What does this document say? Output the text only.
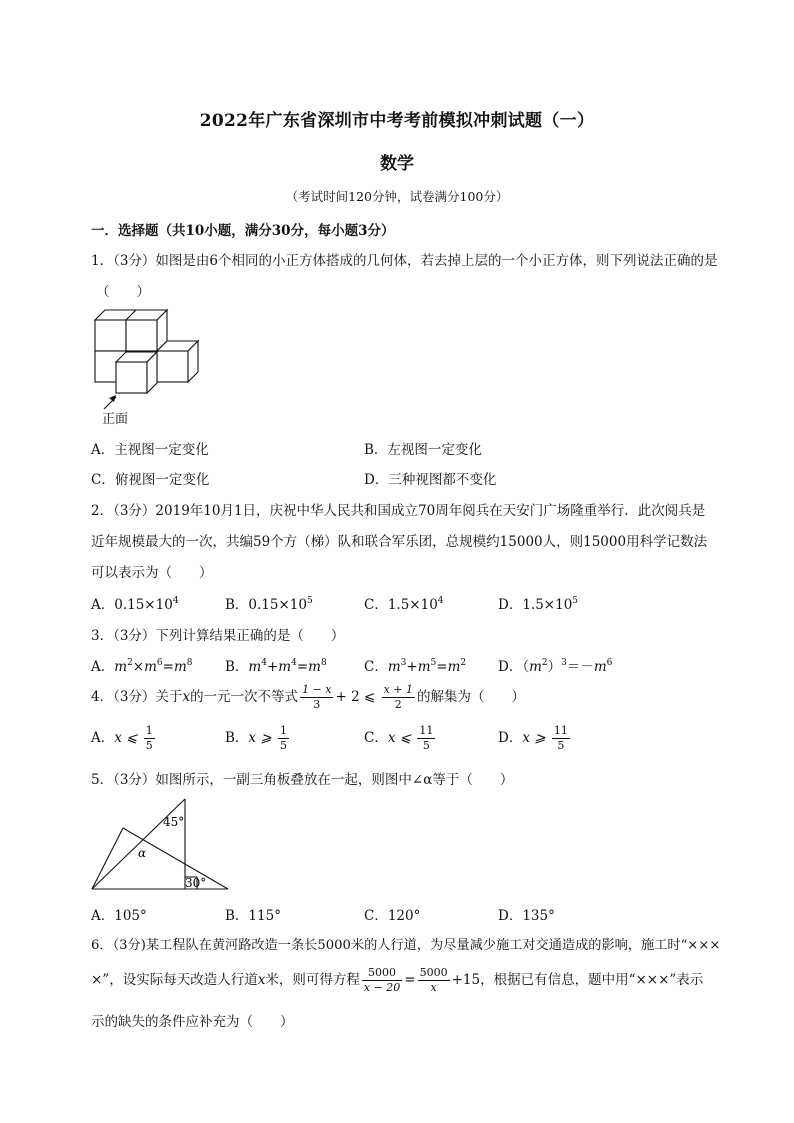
2022年广东省深圳市中考考前模拟冲刺试题（一）
数学
（考试时间120分钟，试卷满分100分）
一．选择题（共10小题，满分30分，每小题3分）
1．（3分）如图是由6个相同的小正方体搭成的几何体，若去掉上层的一个小正方体，则下列说法正确的是
（　　）
正面
A．主视图一定变化	B．左视图一定变化
C．俯视图一定变化	D．三种视图都不变化
2．（3分）2019年10月1日，庆祝中华人民共和国成立70周年阅兵在天安门广场隆重举行．此次阅兵是
近年规模最大的一次，共编59个方（梯）队和联合军乐团，总规模约15000人，则15000用科学记数法
可以表示为（　　）
A．$0.15\times 10^4$	B．$0.15\times 10^5$	C．$1.5\times 10^4$	D．$1.5\times 10^5$
3．（3分）下列计算结果正确的是（　　）
A．$m^2\times m^6=m^8$ B．$m^4+m^4=m^8$	C．$m^3+m^5=m^2$ D．$(m^2)^3=-m^6$
4．（3分）关于x的一元一次不等式 $\frac{1 - x}{3} + 2$ ⩽ $\frac{x + 1}{2}$ 的解集为（　　）
A．x ⩽ $\frac{1}{5}$	B．x ⩾ $\frac{1}{5}$	C．x ⩽ $\frac{11}{5}$	D．x ⩾ $\frac{11}{5}$
5．（3分）如图所示，一副三角板叠放在一起，则图中∠α等于（　　）
45°
α
30°
A．105°	B．115°	C．120°	D．135°
6．（3分)某工程队在黄河路改造一条长5000米的人行道，为尽量减少施工对交通造成的影响，施工时“×××
×”，设实际每天改造人行道x米，则可得方程 $\frac{5000}{x - 20} = \frac{5000}{x} +15$，根据已有信息，题中用“×××”表示
示的缺失的条件应补充为（　　）
